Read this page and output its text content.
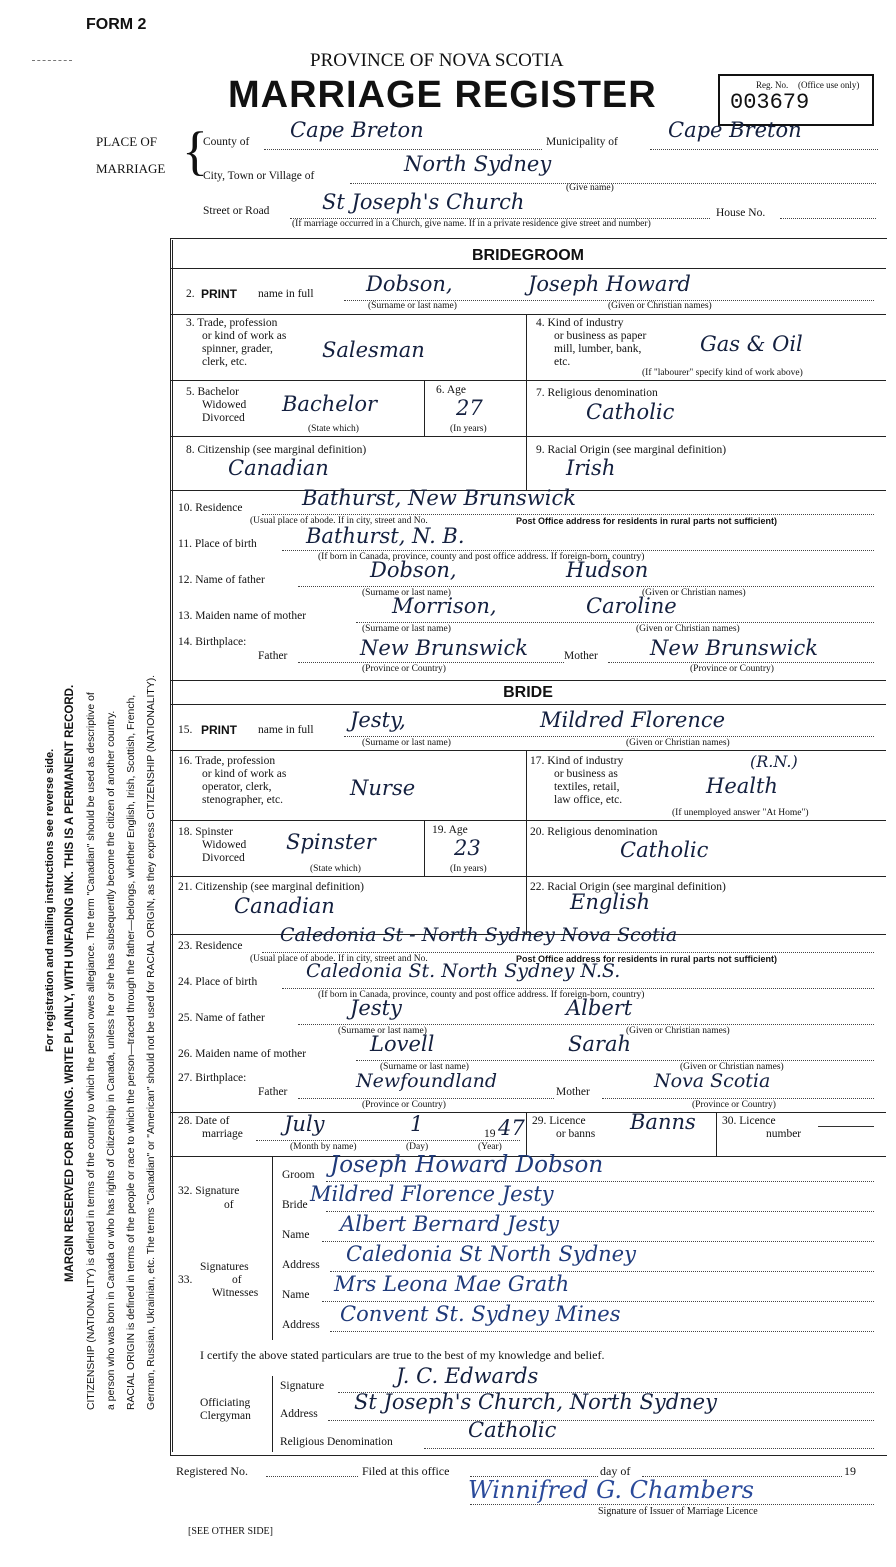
FORM 2
PROVINCE OF NOVA SCOTIA
MARRIAGE REGISTER	Reg. No. (Office use only)
003679
PLACE OF
MARRIAGE {
County of Cape Breton	Municipality of Cape Breton
City, Town or Village of	North Sydney
(Give name)
Street or Road	St Joseph's Church	House No.
(If marriage occurred in a Church, give name. If in a private residence give street and number)
For registration and mailing instructions see reverse side. MARGIN RESERVED FOR BINDING. WRITE PLAINLY, WITH UNFADING INK. THIS IS A PERMANENT RECORD. CITIZENSHIP (NATIONALITY) is defined in terms of the country to which the person owes allegiance. The term "Canadian" should be used as descriptive of a person who was born in Canada or who has rights of Citizenship in Canada, unless he or she has subsequently become the citizen of another country. RACIAL ORIGIN is defined in terms of the people or race to which the person—traced through the father—belongs, whether English, Irish, Scottish, French, German, Russian, Ukrainian, etc. The terms "Canadian" or "American" should not be used for RACIAL ORIGIN, as they express CITIZENSHIP (NATIONALITY).
BRIDEGROOM
2. PRINT name in full Dobson,	Joseph Howard
(Surname or last name)	(Given or Christian names)
3. Trade, profession
or kind of work as
spinner, grader,
clerk, etc.	Salesman
4. Kind of industry
or business as paper
mill, lumber, bank,
etc.
Gas & Oil
(If "labourer" specify kind of work above)
5. Bachelor
Widowed
Divorced
Bachelor
(State which)
6. Age
27
(In years)
7. Religious denomination
Catholic
8. Citizenship (see marginal definition)
Canadian
9. Racial Origin (see marginal definition)
Irish
10. Residence	Bathurst, New Brunswick
(Usual place of abode. If in city, street and No.	Post Office address for residents in rural parts not sufficient)
11. Place of birth Bathurst, N. B.
(If born in Canada, province, county and post office address. If foreign-born, country)
12. Name of father	Dobson,	Hudson
(Surname or last name)	(Given or Christian names)
13. Maiden name of mother	Morrison,	Caroline
(Surname or last name)	(Given or Christian names)
14. Birthplace:
Father	New Brunswick	Mother New Brunswick
(Province or Country)	(Province or Country)
BRIDE
15. PRINT name in full Jesty,	Mildred Florence
(Surname or last name)	(Given or Christian names)
16. Trade, profession
or kind of work as
operator, clerk,
stenographer, etc.	Nurse
17. Kind of industry
or business as
textiles, retail,
law office, etc.
Health
(R.N.)
(If unemployed answer "At Home")
18. Spinster
Widowed
Divorced
Spinster
(State which)
19. Age
23
(In years)
20. Religious denomination
Catholic
21. Citizenship (see marginal definition)
Canadian
22. Racial Origin (see marginal definition)
English
23. Residence Caledonia St - North Sydney Nova Scotia
(Usual place of abode. If in city, street and No.	Post Office address for residents in rural parts not sufficient)
24. Place of birth	Caledonia St. North Sydney N.S.
(If born in Canada, province, county and post office address. If foreign-born, country)
25. Name of father	Jesty	Albert
(Surname or last name)	(Given or Christian names)
26. Maiden name of mother	Lovell	Sarah
(Surname or last name)	(Given or Christian names)
27. Birthplace:
Father	Newfoundland	Mother	Nova Scotia
(Province or Country)	(Province or Country)
28. Date of
marriage July	1	19 47
(Month by name)	(Day)	(Year)
29. Licence
or banns Banns 30. Licence
number
32. Signature
of
Groom Joseph Howard Dobson
Bride Mildred Florence Jesty
Signatures
of
Witnesses
33.
Name Albert Bernard Jesty
Address Caledonia St North Sydney
Name Mrs Leona Mae Grath
Address Convent St. Sydney Mines
I certify the above stated particulars are true to the best of my knowledge and belief.
Officiating
Clergyman
Signature	J. C. Edwards
Address St Joseph's Church, North Sydney
Religious Denomination	Catholic
Registered No.	Filed at this office	day of	19
Winnifred G. Chambers
Signature of Issuer of Marriage Licence
[SEE OTHER SIDE]
